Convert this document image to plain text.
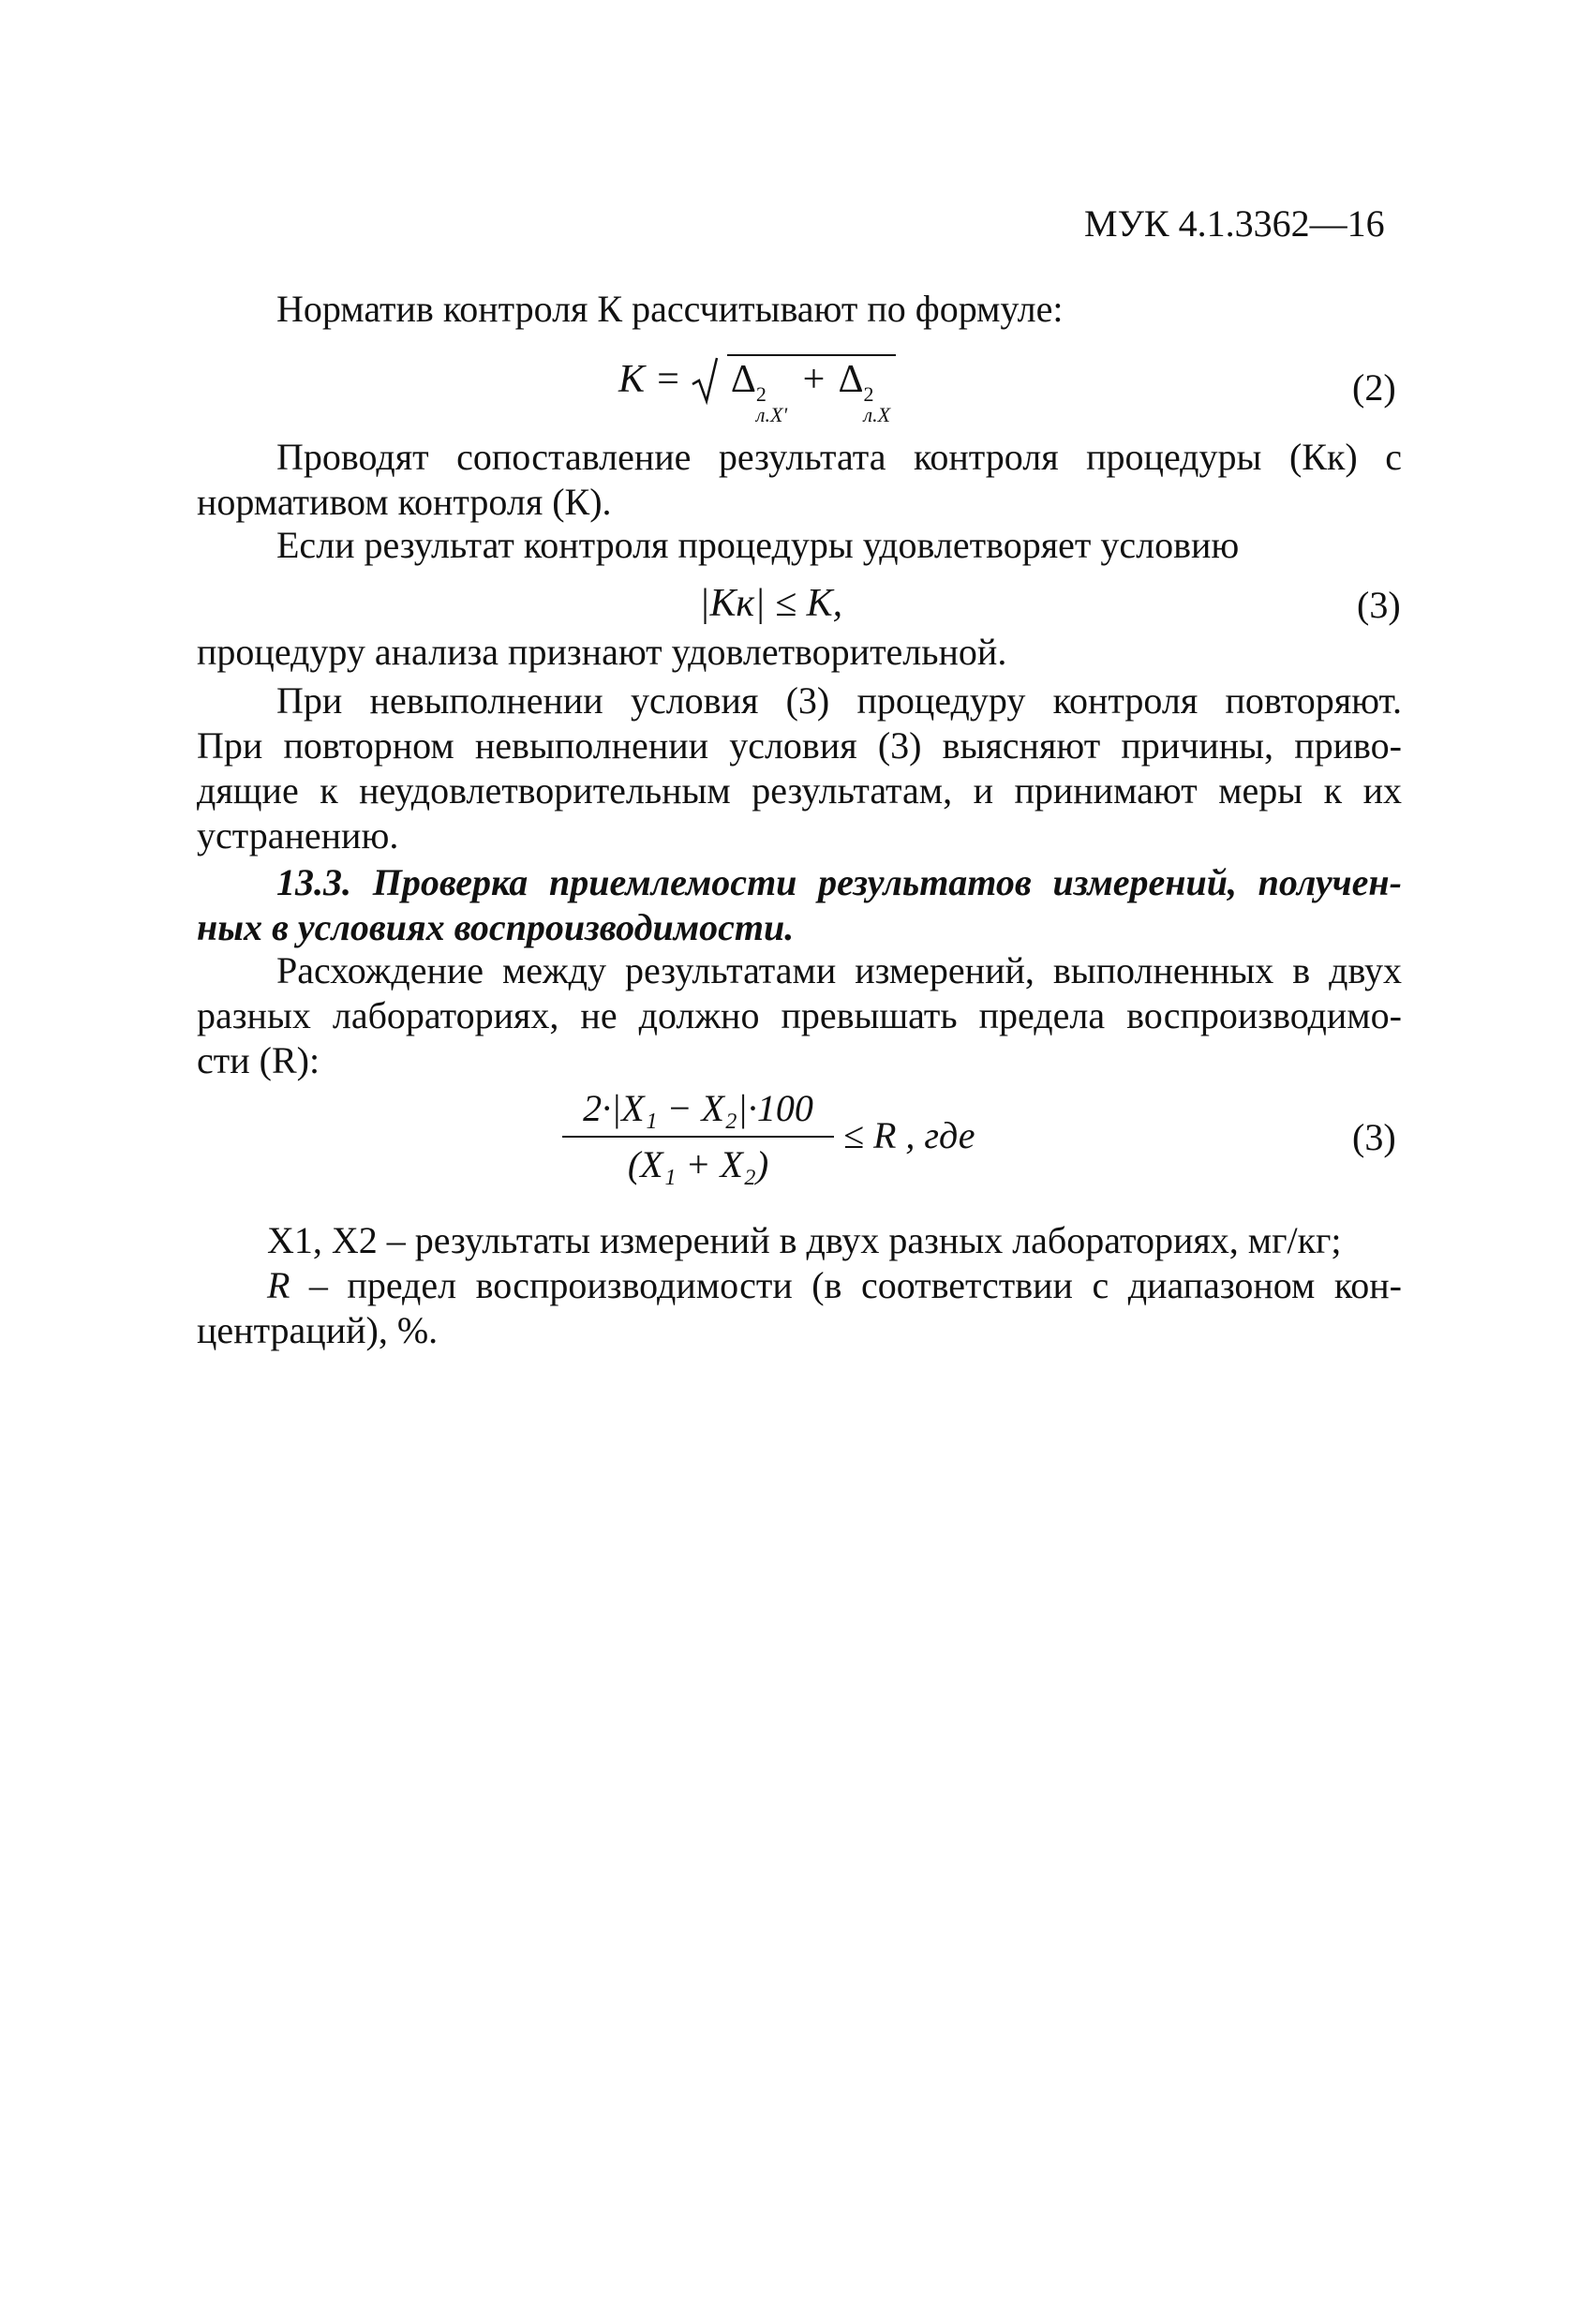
МУК 4.1.3362—16
Норматив контроля К рассчитывают по формуле:
K = Δ 2
л.X'
+ Δ 2
л.X
(2)
Проводят сопоставление результата контроля процедуры (Кк) с
нормативом контроля (К).
Если результат контроля процедуры удовлетворяет условию
|Кк| ≤ К,	(3)
процедуру анализа признают удовлетворительной.
При невыполнении условия (3) процедуру контроля повторяют.
При повторном невыполнении условия (3) выясняют причины, приво-
дящие к неудовлетворительным результатам, и принимают меры к их
устранению.
13.3. Проверка приемлемости результатов измерений, получен-
ных в условиях воспроизводимости.
Расхождение между результатами измерений, выполненных в двух
разных лабораториях, не должно превышать предела воспроизводимо-
сти (R):
2·|X₁ − X₂|·100
(X₁ + X₂)
≤ R , где	(3)
X1, X2 – результаты измерений в двух разных лабораториях, мг/кг;
R – предел воспроизводимости (в соответствии с диапазоном кон-
центраций), %.
